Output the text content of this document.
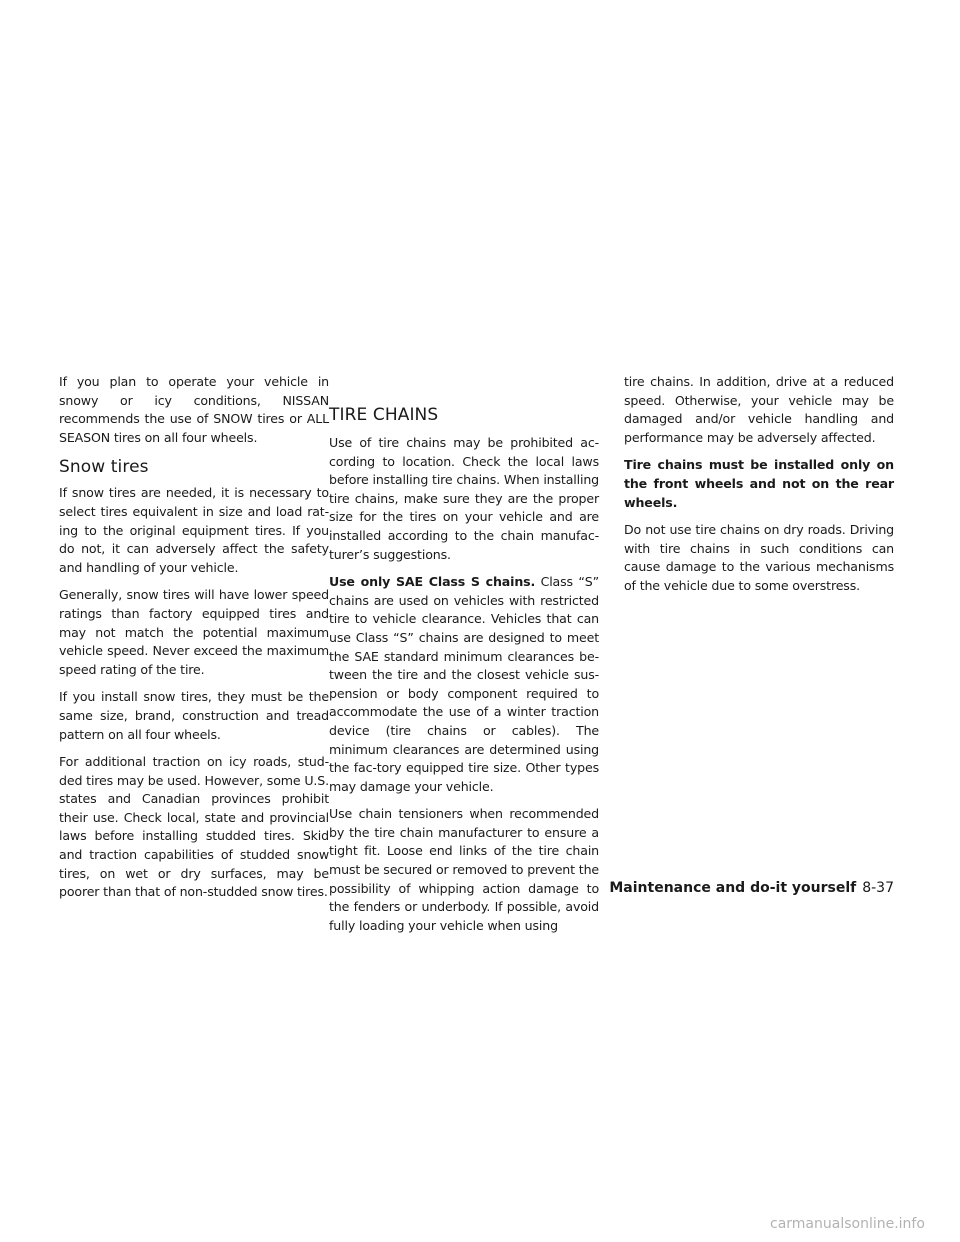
If you plan to operate your vehicle in snowy or icy conditions, NISSAN recommends the use of SNOW tires or ALL SEASON tires on all four wheels.

Snow tires

If snow tires are needed, it is necessary to select tires equivalent in size and load rat-ing to the original equipment tires. If you do not, it can adversely affect the safety and handling of your vehicle.

Generally, snow tires will have lower speed ratings than factory equipped tires and may not match the potential maximum vehicle speed. Never exceed the maximum speed rating of the tire.

If you install snow tires, they must be the same size, brand, construction and tread pattern on all four wheels.

For additional traction on icy roads, stud-ded tires may be used. However, some U.S. states and Canadian provinces prohibit their use. Check local, state and provincial laws before installing studded tires. Skid and traction capabilities of studded snow tires, on wet or dry surfaces, may be poorer than that of non-studded snow tires.

TIRE CHAINS

Use of tire chains may be prohibited ac-cording to location. Check the local laws before installing tire chains. When installing tire chains, make sure they are the proper size for the tires on your vehicle and are installed according to the chain manufac-turer’s suggestions.

Use only SAE Class S chains. Class “S” chains are used on vehicles with restricted tire to vehicle clearance. Vehicles that can use Class “S” chains are designed to meet the SAE standard minimum clearances be-tween the tire and the closest vehicle sus-pension or body component required to accommodate the use of a winter traction device (tire chains or cables). The minimum clearances are determined using the fac-tory equipped tire size. Other types may damage your vehicle.

Use chain tensioners when recommended by the tire chain manufacturer to ensure a tight fit. Loose end links of the tire chain must be secured or removed to prevent the possibility of whipping action damage to the fenders or underbody. If possible, avoid fully loading your vehicle when using

tire chains. In addition, drive at a reduced speed. Otherwise, your vehicle may be damaged and/or vehicle handling and performance may be adversely affected.

Tire chains must be installed only on the front wheels and not on the rear wheels.

Do not use tire chains on dry roads. Driving with tire chains in such conditions can cause damage to the various mechanisms of the vehicle due to some overstress.

Maintenance and do-it yourself 8-37
carmanualsonline.info
